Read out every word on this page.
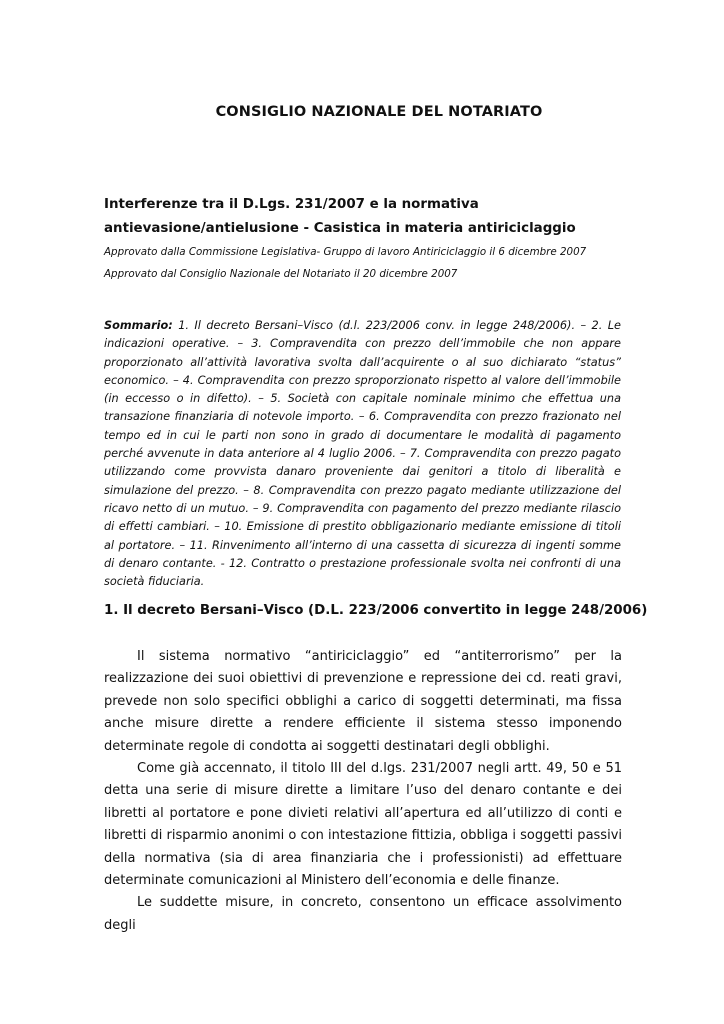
CONSIGLIO NAZIONALE DEL NOTARIATO
Interferenze tra il D.Lgs. 231/2007 e la normativa
antievasione/antielusione - Casistica in materia antiriciclaggio
Approvato dalla Commissione Legislativa- Gruppo di lavoro Antiriciclaggio il 6 dicembre 2007
Approvato dal Consiglio Nazionale del Notariato il 20 dicembre 2007

Sommario: 1. Il decreto Bersani–Visco (d.l. 223/2006 conv. in legge 248/2006). – 2. Le indicazioni operative. – 3. Compravendita con prezzo dell’immobile che non appare proporzionato all’attività lavorativa svolta dall’acquirente o al suo dichiarato “status” economico. – 4. Compravendita con prezzo sproporzionato rispetto al valore dell’immobile (in eccesso o in difetto). – 5. Società con capitale nominale minimo che effettua una transazione finanziaria di notevole importo. – 6. Compravendita con prezzo frazionato nel tempo ed in cui le parti non sono in grado di documentare le modalità di pagamento perché avvenute in data anteriore al 4 luglio 2006. – 7. Compravendita con prezzo pagato utilizzando come provvista danaro proveniente dai genitori a titolo di liberalità e simulazione del prezzo. – 8. Compravendita con prezzo pagato mediante utilizzazione del ricavo netto di un mutuo. – 9. Compravendita con pagamento del prezzo mediante rilascio di effetti cambiari. – 10. Emissione di prestito obbligazionario mediante emissione di titoli al portatore. – 11. Rinvenimento all’interno di una cassetta di sicurezza di ingenti somme di denaro contante. - 12. Contratto o prestazione professionale svolta nei confronti di una società fiduciaria.

1. Il decreto Bersani–Visco (D.L. 223/2006 convertito in legge 248/2006)

Il sistema normativo “antiriciclaggio” ed “antiterrorismo” per la realizzazione dei suoi obiettivi di prevenzione e repressione dei cd. reati gravi, prevede non solo specifici obblighi a carico di soggetti determinati, ma fissa anche misure dirette a rendere efficiente il sistema stesso imponendo determinate regole di condotta ai soggetti destinatari degli obblighi.

Come già accennato, il titolo III del d.lgs. 231/2007 negli artt. 49, 50 e 51 detta una serie di misure dirette a limitare l’uso del denaro contante e dei libretti al portatore e pone divieti relativi all’apertura ed all’utilizzo di conti e libretti di risparmio anonimi o con intestazione fittizia, obbliga i soggetti passivi della normativa (sia di area finanziaria che i professionisti) ad effettuare determinate comunicazioni al Ministero dell’economia e delle finanze.

Le suddette misure, in concreto, consentono un efficace assolvimento degli
